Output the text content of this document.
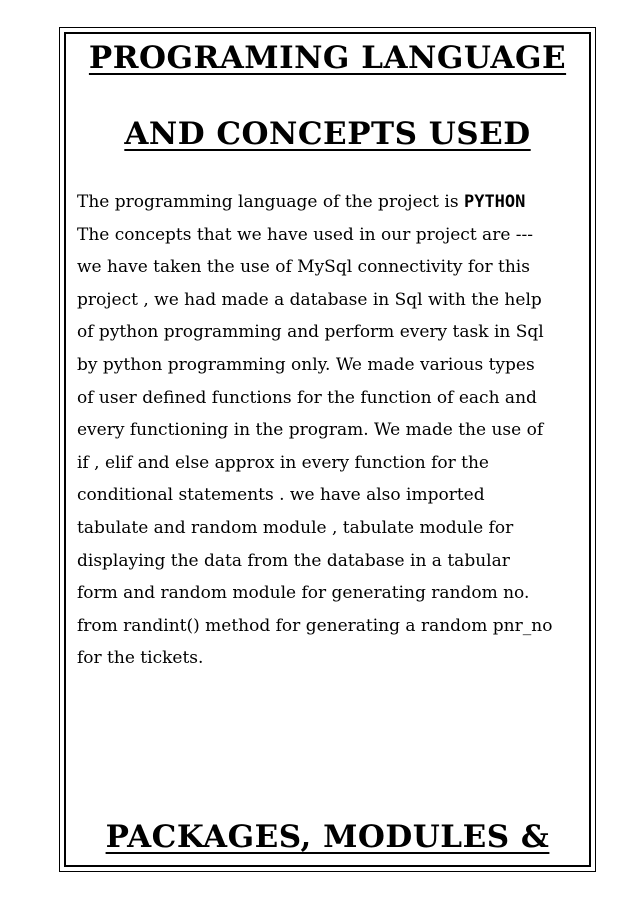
PROGRAMING LANGUAGE
AND CONCEPTS USED
The programming language of the project is PYTHON
The concepts that we have used in our project are ---
we have taken the use of MySql connectivity for this
project , we had made a database in Sql with the help
of python programming and perform every task in Sql
by python programming only. We made various types
of user defined functions for the function of each and
every functioning in the program. We made the use of
if , elif and else approx in every function for the
conditional statements . we have also imported
tabulate and random module , tabulate module for
displaying the data from the database in a tabular
form and random module for generating random no.
from randint() method for generating a random pnr_no
for the tickets.
PACKAGES, MODULES &
